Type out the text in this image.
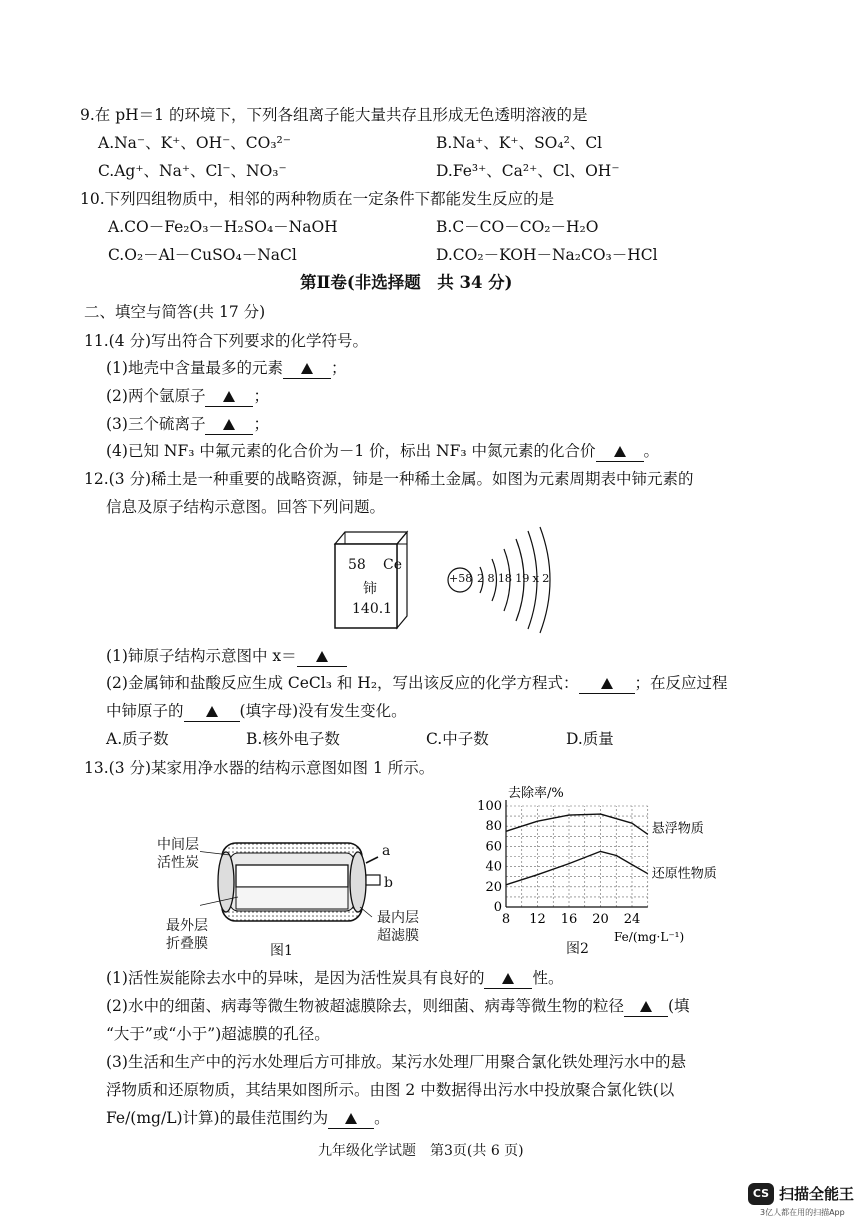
9.在 pH＝1 的环境下，下列各组离子能大量共存且形成无色透明溶液的是
A.Na⁻、K⁺、OH⁻、CO₃²⁻	B.Na⁺、K⁺、SO₄²、Cl
C.Ag⁺、Na⁺、Cl⁻、NO₃⁻	D.Fe³⁺、Ca²⁺、Cl、OH⁻
10.下列四组物质中，相邻的两种物质在一定条件下都能发生反应的是
A.CO－Fe₂O₃－H₂SO₄－NaOH	B.C－CO－CO₂－H₂O
C.O₂－Al－CuSO₄－NaCl	D.CO₂－KOH－Na₂CO₃－HCl
第Ⅱ卷(非选择题　共 34 分)
二、填空与简答(共 17 分)
11.(4 分)写出符合下列要求的化学符号。
(1)地壳中含量最多的元素	；
(2)两个氩原子	；
(3)三个硫离子	；
(4)已知 NF₃ 中氟元素的化合价为－1 价，标出 NF₃ 中氮元素的化合价	。
12.(3 分)稀土是一种重要的战略资源，铈是一种稀土金属。如图为元素周期表中铈元素的
信息及原子结构示意图。回答下列问题。
58 Ce
铈
140.1
+58 2 8 18 19 x 2
(1)铈原子结构示意图中 x＝
(2)金属铈和盐酸反应生成 CeCl₃ 和 H₂，写出该反应的化学方程式：	；在反应过程
中铈原子的	(填字母)没有发生变化。
A.质子数	B.核外电子数	C.中子数	D.质量
13.(3 分)某家用净水器的结构示意图如图 1 所示。
中间层
活性炭
最外层
折叠膜
最内层
超滤膜
a
b
图1
0
20
40
60
80
100
8 12 16 20 24
去除率/%
Fe/(mg·L⁻¹)
悬浮物质
还原性物质
图2
(1)活性炭能除去水中的异味，是因为活性炭具有良好的	性。
(2)水中的细菌、病毒等微生物被超滤膜除去，则细菌、病毒等微生物的粒径	(填
“大于”或“小于”)超滤膜的孔径。
(3)生活和生产中的污水处理后方可排放。某污水处理厂用聚合氯化铁处理污水中的悬
浮物质和还原物质，其结果如图所示。由图 2 中数据得出污水中投放聚合氯化铁(以
Fe/(mg/L)计算)的最佳范围约为	。
九年级化学试题　第3页(共 6 页)
CS 扫描全能王
3亿人都在用的扫描App
